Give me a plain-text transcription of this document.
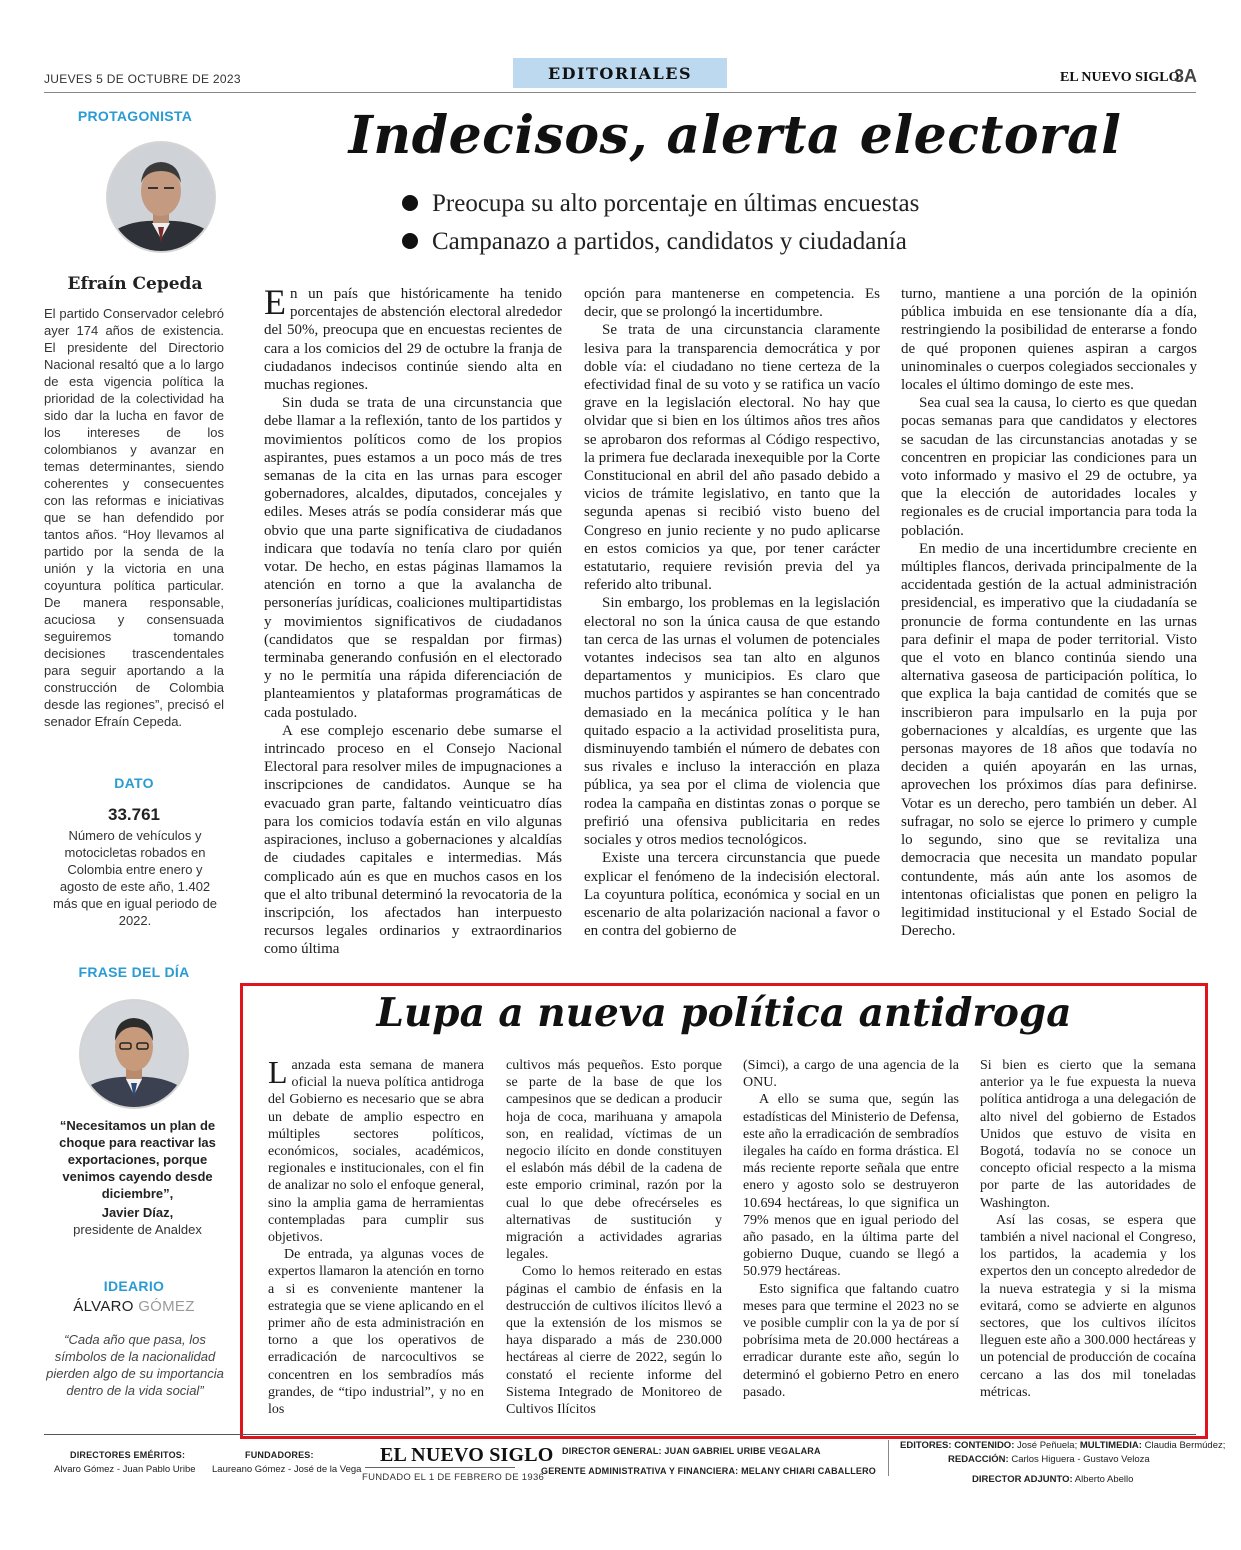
JUEVES 5 DE OCTUBRE DE 2023	EDITORIALES	EL NUEVO SIGLO
3A
PROTAGONISTA
Efraín Cepeda
El partido Conservador celebró ayer 174 años de existencia. El presidente del Directorio Nacional resaltó que a lo largo de esta vigencia política la prioridad de la colectividad ha sido dar la lucha en favor de los intereses de los colombianos y avanzar en temas determinantes, siendo coherentes y consecuentes con las reformas e iniciativas que se han defendido por tantos años. “Hoy llevamos al partido por la senda de la unión y la victoria en una coyuntura política particular. De manera responsable, acuciosa y consensuada seguiremos tomando decisiones trascendentales para seguir aportando a la construcción de Colombia desde las regiones”, precisó el senador Efraín Cepeda.
DATO
33.761
Número de vehículos y motocicletas robados en Colombia entre enero y agosto de este año, 1.402 más que en igual periodo de 2022.
FRASE DEL DÍA
“Necesitamos un plan de choque para reactivar las exportaciones, porque venimos cayendo desde diciembre”,
Javier Díaz,
presidente de Analdex
IDEARIO
ÁLVARO GÓMEZ
“Cada año que pasa, los símbolos de la nacionalidad pierden algo de su importancia dentro de la vida social”
Indecisos, alerta electoral
Preocupa su alto porcentaje en últimas encuestas
Campanazo a partidos, candidatos y ciudadanía

En un país que históricamente ha tenido porcentajes de abstención electoral alrededor del 50%, preocupa que en encuestas recientes de cara a los comicios del 29 de octubre la franja de ciudadanos indecisos continúe siendo alta en muchas regiones.

Sin duda se trata de una circunstancia que debe llamar a la reflexión, tanto de los partidos y movimientos políticos como de los propios aspirantes, pues estamos a un poco más de tres semanas de la cita en las urnas para escoger gobernadores, alcaldes, diputados, concejales y ediles. Meses atrás se podía considerar más que obvio que una parte significativa de ciudadanos indicara que todavía no tenía claro por quién votar. De hecho, en estas páginas llamamos la atención en torno a que la avalancha de personerías jurídicas, coaliciones multipartidistas y movimientos significativos de ciudadanos (candidatos que se respaldan por firmas) terminaba generando confusión en el electorado y no le permitía una rápida diferenciación de planteamientos y plataformas programáticas de cada postulado.

A ese complejo escenario debe sumarse el intrincado proceso en el Consejo Nacional Electoral para resolver miles de impugnaciones a inscripciones de candidatos. Aunque se ha evacuado gran parte, faltando veinticuatro días para los comicios todavía están en vilo algunas aspiraciones, incluso a gobernaciones y alcaldías de ciudades capitales e intermedias. Más complicado aún es que en muchos casos en los que el alto tribunal determinó la revocatoria de la inscripción, los afectados han interpuesto recursos legales ordinarios y extraordinarios como última

opción para mantenerse en competencia. Es decir, que se prolongó la incertidumbre.

Se trata de una circunstancia claramente lesiva para la transparencia democrática y por doble vía: el ciudadano no tiene certeza de la efectividad final de su voto y se ratifica un vacío grave en la legislación electoral. No hay que olvidar que si bien en los últimos años tres años se aprobaron dos reformas al Código respectivo, la primera fue declarada inexequible por la Corte Constitucional en abril del año pasado debido a vicios de trámite legislativo, en tanto que la segunda apenas si recibió visto bueno del Congreso en junio reciente y no pudo aplicarse en estos comicios ya que, por tener carácter estatutario, requiere revisión previa del ya referido alto tribunal.

Sin embargo, los problemas en la legislación electoral no son la única causa de que estando tan cerca de las urnas el volumen de potenciales votantes indecisos sea tan alto en algunos departamentos y municipios. Es claro que muchos partidos y aspirantes se han concentrado demasiado en la mecánica política y le han quitado espacio a la actividad proselitista pura, disminuyendo también el número de debates con sus rivales e incluso la interacción en plaza pública, ya sea por el clima de violencia que rodea la campaña en distintas zonas o porque se prefirió una ofensiva publicitaria en redes sociales y otros medios tecnológicos.

Existe una tercera circunstancia que puede explicar el fenómeno de la indecisión electoral. La coyuntura política, económica y social en un escenario de alta polarización nacional a favor o en contra del gobierno de

turno, mantiene a una porción de la opinión pública imbuida en ese tensionante día a día, restringiendo la posibilidad de enterarse a fondo de qué proponen quienes aspiran a cargos uninominales o cuerpos colegiados seccionales y locales el último domingo de este mes.

Sea cual sea la causa, lo cierto es que quedan pocas semanas para que candidatos y electores se sacudan de las circunstancias anotadas y se concentren en propiciar las condiciones para un voto informado y masivo el 29 de octubre, ya que la elección de autoridades locales y regionales es de crucial importancia para toda la población.

En medio de una incertidumbre creciente en múltiples flancos, derivada principalmente de la accidentada gestión de la actual administración presidencial, es imperativo que la ciudadanía se pronuncie de forma contundente en las urnas para definir el mapa de poder territorial. Visto que el voto en blanco continúa siendo una alternativa gaseosa de participación política, lo que explica la baja cantidad de comités que se inscribieron para impulsarlo en la puja por gobernaciones y alcaldías, es urgente que las personas mayores de 18 años que todavía no deciden a quién apoyarán en las urnas, aprovechen los próximos días para definirse. Votar es un derecho, pero también un deber. Al sufragar, no solo se ejerce lo primero y cumple lo segundo, sino que se revitaliza una democracia que necesita un mandato popular contundente, más aún ante los asomos de intentonas oficialistas que ponen en peligro la legitimidad institucional y el Estado Social de Derecho.

Lupa a nueva política antidroga

Lanzada esta semana de manera oficial la nueva política antidroga del Gobierno es necesario que se abra un debate de amplio espectro en múltiples sectores políticos, económicos, sociales, académicos, regionales e institucionales, con el fin de analizar no solo el enfoque general, sino la amplia gama de herramientas contempladas para cumplir sus objetivos.

De entrada, ya algunas voces de expertos llamaron la atención en torno a si es conveniente mantener la estrategia que se viene aplicando en el primer año de esta administración en torno a que los operativos de erradicación de narcocultivos se concentren en los sembradíos más grandes, de “tipo industrial”, y no en los

cultivos más pequeños. Esto porque se parte de la base de que los campesinos que se dedican a producir hoja de coca, marihuana y amapola son, en realidad, víctimas de un negocio ilícito en donde constituyen el eslabón más débil de la cadena de este emporio criminal, razón por la cual lo que debe ofrecérseles es alternativas de sustitución y migración a actividades agrarias legales.

Como lo hemos reiterado en estas páginas el cambio de énfasis en la destrucción de cultivos ilícitos llevó a que la extensión de los mismos se haya disparado a más de 230.000 hectáreas al cierre de 2022, según lo constató el reciente informe del Sistema Integrado de Monitoreo de Cultivos Ilícitos

(Simci), a cargo de una agencia de la ONU.

A ello se suma que, según las estadísticas del Ministerio de Defensa, este año la erradicación de sembradíos ilegales ha caído en forma drástica. El más reciente reporte señala que entre enero y agosto solo se destruyeron 10.694 hectáreas, lo que significa un 79% menos que en igual periodo del año pasado, en la última parte del gobierno Duque, cuando se llegó a 50.979 hectáreas.

Esto significa que faltando cuatro meses para que termine el 2023 no se ve posible cumplir con la ya de por sí pobrísima meta de 20.000 hectáreas a erradicar durante este año, según lo determinó el gobierno Petro en enero pasado.

Si bien es cierto que la semana anterior ya le fue expuesta la nueva política antidroga a una delegación de alto nivel del gobierno de Estados Unidos que estuvo de visita en Bogotá, todavía no se conoce un concepto oficial respecto a la misma por parte de las autoridades de Washington.

Así las cosas, se espera que también a nivel nacional el Congreso, los partidos, la academia y los expertos den un concepto alrededor de la nueva estrategia y si la misma evitará, como se advierte en algunos sectores, que los cultivos ilícitos lleguen este año a 300.000 hectáreas y un potencial de producción de cocaína cercano a las dos mil toneladas métricas.

DIRECTORES EMÉRITOS:
Alvaro Gómez - Juan Pablo Uribe
FUNDADORES:
Laureano Gómez - José de la Vega
EL NUEVO SIGLO
FUNDADO EL 1 DE FEBRERO DE 1936
DIRECTOR GENERAL: JUAN GABRIEL URIBE VEGALARA
GERENTE ADMINISTRATIVA Y FINANCIERA: MELANY CHIARI CABALLERO
EDITORES: CONTENIDO: José Peñuela; MULTIMEDIA: Claudia Bermúdez;
REDACCIÓN: Carlos Higuera - Gustavo Veloza
DIRECTOR ADJUNTO: Alberto Abello
